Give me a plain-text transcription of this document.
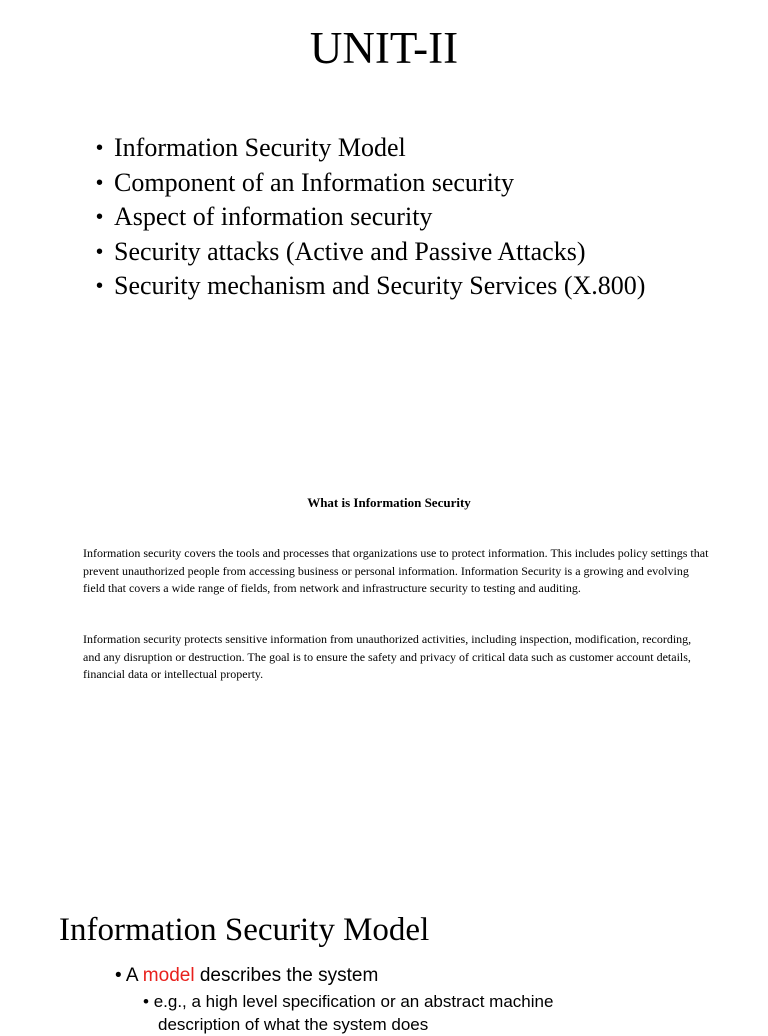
UNIT-II
• Information Security Model
• Component of an Information security
• Aspect of information security
• Security attacks (Active and Passive Attacks)
• Security mechanism and Security Services (X.800)
What is Information Security

Information security covers the tools and processes that organizations use to protect information. This includes policy settings that prevent unauthorized people from accessing business or personal information. Information Security is a growing and evolving field that covers a wide range of fields, from network and infrastructure security to testing and auditing.

Information security protects sensitive information from unauthorized activities, including inspection, modification, recording, and any disruption or destruction. The goal is to ensure the safety and privacy of critical data such as customer account details, financial data or intellectual property.

Information Security Model
• A model describes the system
• e.g., a high level specification or an abstract machine
description of what the system does
